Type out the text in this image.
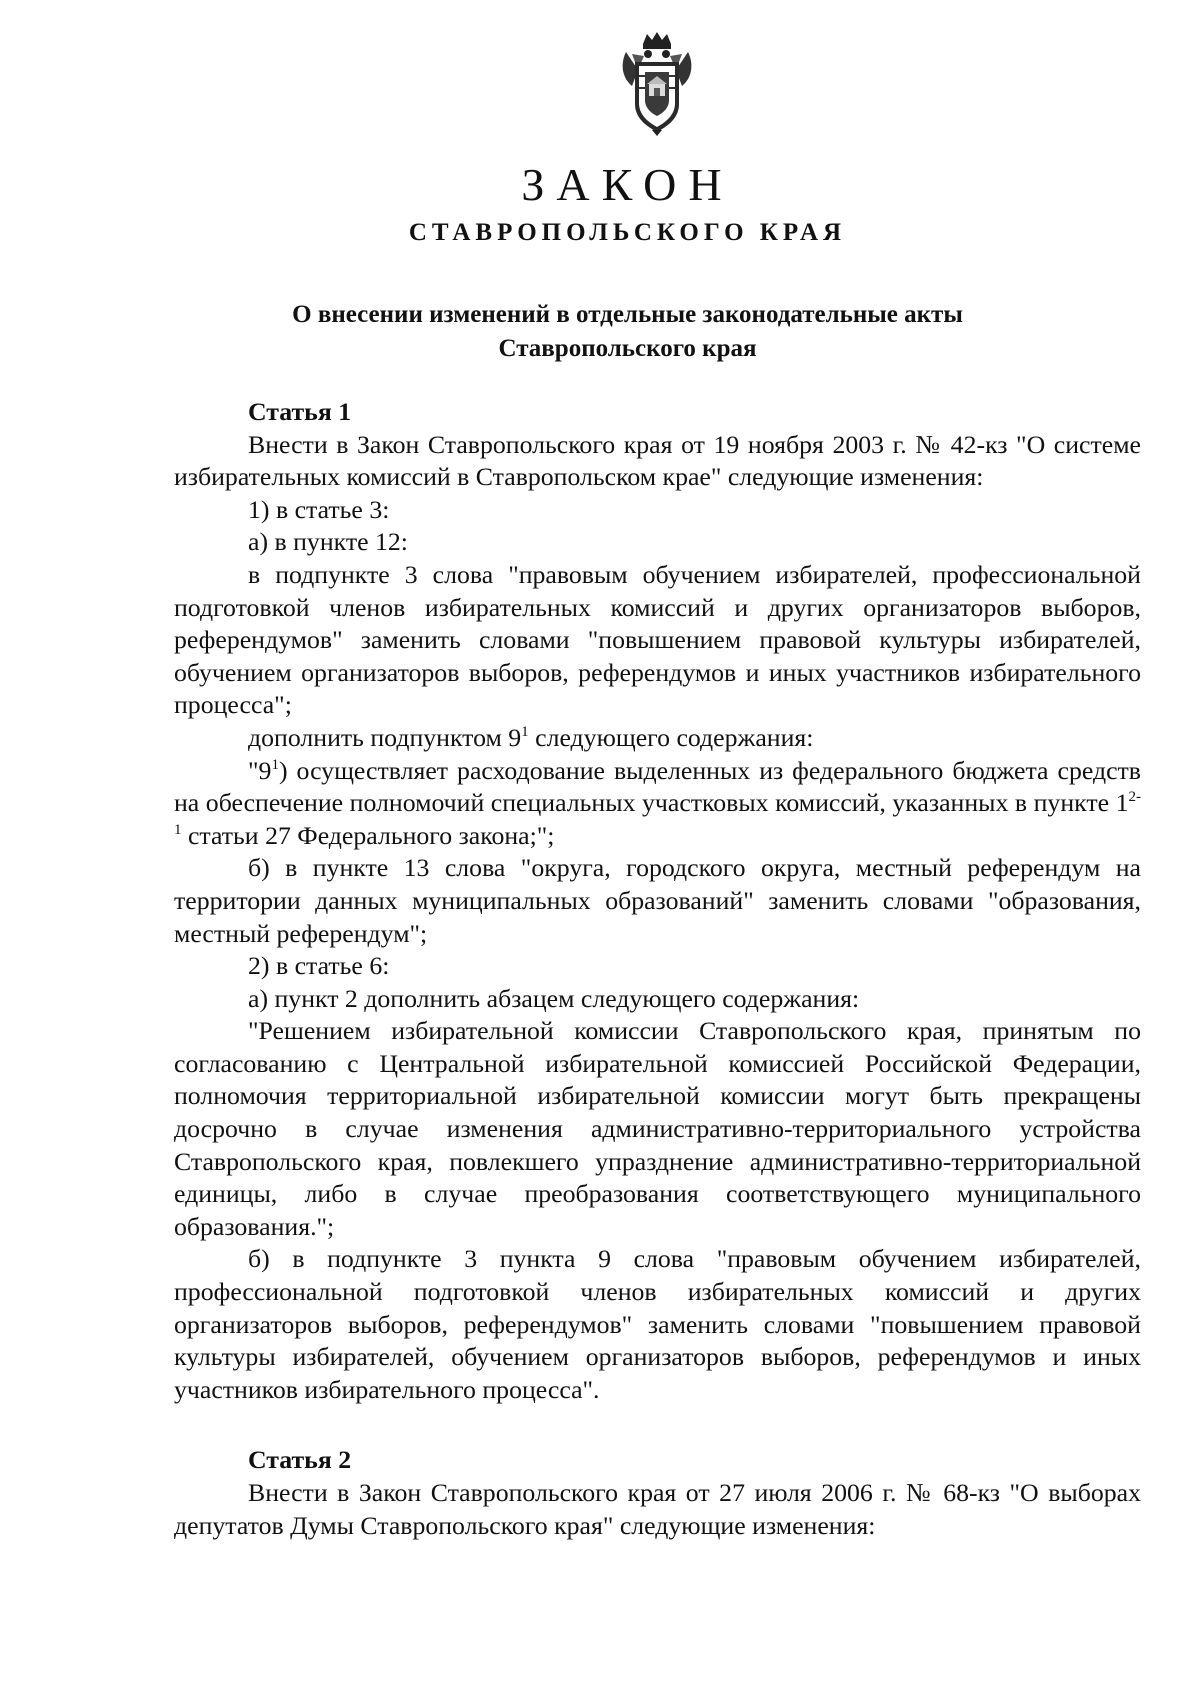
ЗАКОН
СТАВРОПОЛЬСКОГО КРАЯ
О внесении изменений в отдельные законодательные акты
Ставропольского края
Статья 1

Внести в Закон Ставропольского края от 19 ноября 2003 г. № 42-кз "О системе избирательных комиссий в Ставропольском крае" следующие изменения:

1) в статье 3:

а) в пункте 12:

в подпункте 3 слова "правовым обучением избирателей, профессиональной подготовкой членов избирательных комиссий и других организаторов выборов, референдумов" заменить словами "повышением правовой культуры избирателей, обучением организаторов выборов, референдумов и иных участников избирательного процесса";

дополнить подпунктом $9^1$ следующего содержания:

"$9^1$) осуществляет расходование выделенных из федерального бюджета средств на обеспечение полномочий специальных участковых комиссий, указанных в пункте 1$^{2-1}$ статьи 27 Федерального закона;";

б) в пункте 13 слова "округа, городского округа, местный референдум на территории данных муниципальных образований" заменить словами "образования, местный референдум";

2) в статье 6:

а) пункт 2 дополнить абзацем следующего содержания:

"Решением избирательной комиссии Ставропольского края, принятым по согласованию с Центральной избирательной комиссией Российской Федерации, полномочия территориальной избирательной комиссии могут быть прекращены досрочно в случае изменения административно-территориального устройства Ставропольского края, повлекшего упразднение административно-территориальной единицы, либо в случае преобразования соответствующего муниципального образования.";

б) в подпункте 3 пункта 9 слова "правовым обучением избирателей, профессиональной подготовкой членов избирательных комиссий и других организаторов выборов, референдумов" заменить словами "повышением правовой культуры избирателей, обучением организаторов выборов, референдумов и иных участников избирательного процесса".

Статья 2

Внести в Закон Ставропольского края от 27 июля 2006 г. № 68-кз "О выборах депутатов Думы Ставропольского края" следующие изменения:
